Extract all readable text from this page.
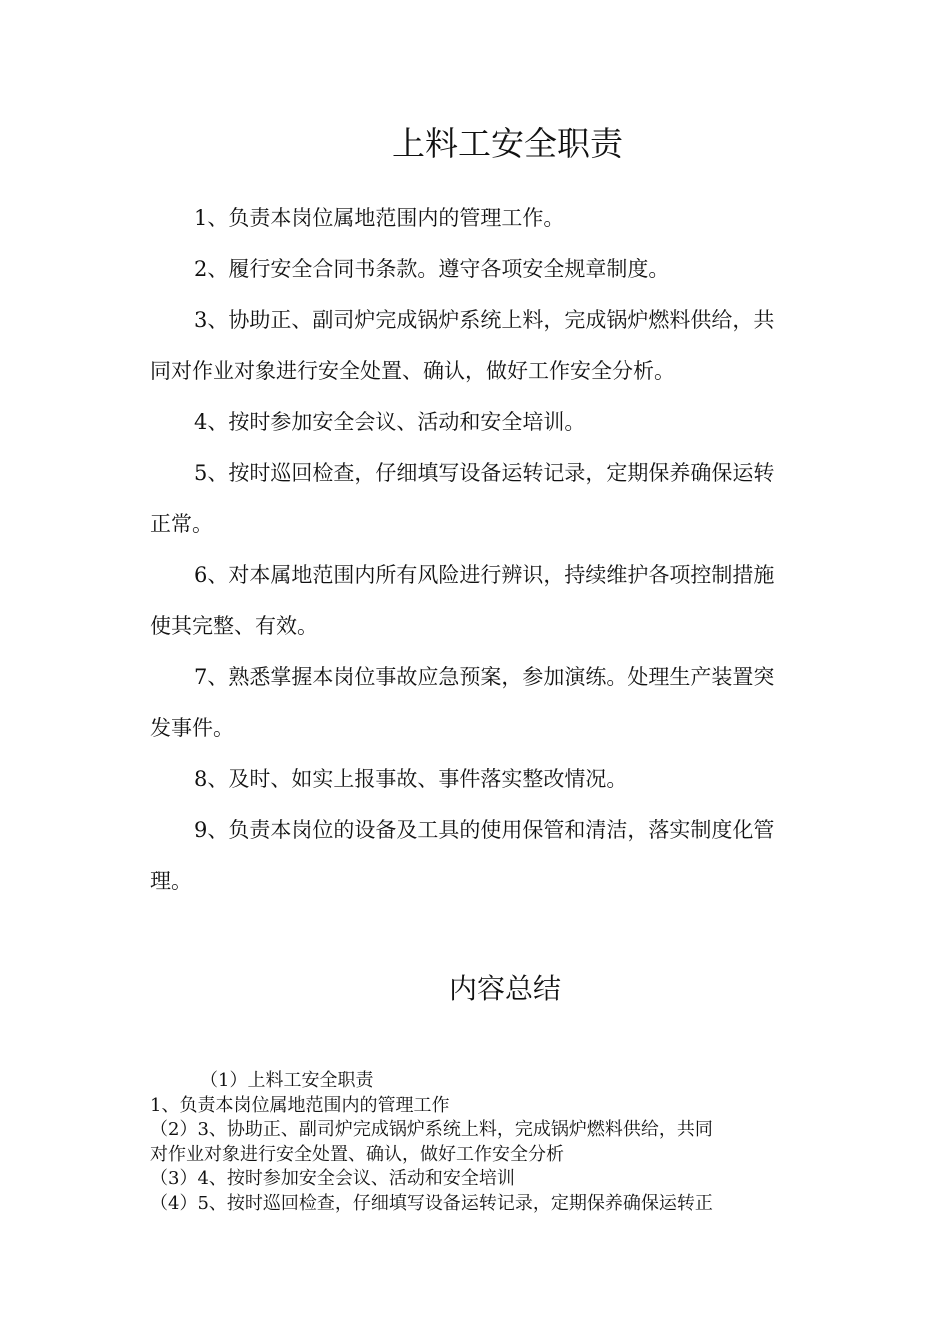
上料工安全职责

1、负责本岗位属地范围内的管理工作。

2、履行安全合同书条款。遵守各项安全规章制度。

3、协助正、副司炉完成锅炉系统上料，完成锅炉燃料供给，共同对作业对象进行安全处置、确认，做好工作安全分析。

4、按时参加安全会议、活动和安全培训。

5、按时巡回检查，仔细填写设备运转记录，定期保养确保运转正常。

6、对本属地范围内所有风险进行辨识，持续维护各项控制措施使其完整、有效。

7、熟悉掌握本岗位事故应急预案，参加演练。处理生产装置突发事件。

8、及时、如实上报事故、事件落实整改情况。

9、负责本岗位的设备及工具的使用保管和清洁，落实制度化管理。

内容总结

（1）上料工安全职责

1、负责本岗位属地范围内的管理工作

（2）3、协助正、副司炉完成锅炉系统上料，完成锅炉燃料供给，共同

对作业对象进行安全处置、确认，做好工作安全分析

（3）4、按时参加安全会议、活动和安全培训

（4）5、按时巡回检查，仔细填写设备运转记录，定期保养确保运转正
